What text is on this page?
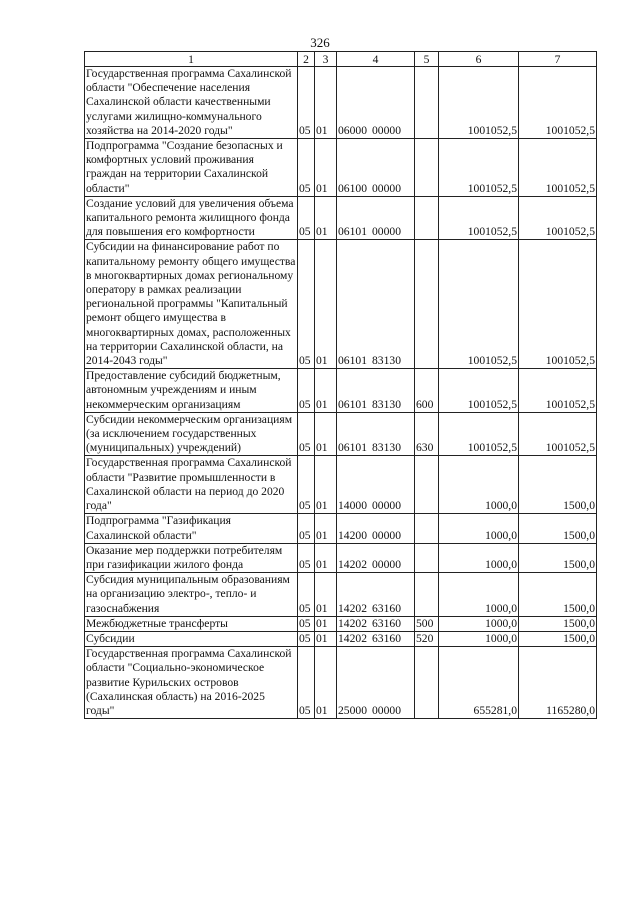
326
1	2	3	4	5	6	7
Государственная программа Сахалинской области "Обеспечение населения Сахалинской области качественными услугами жилищно-коммунального хозяйства на 2014-2020 годы"	05	01	06000 00000		1001052,5	1001052,5
Подпрограмма "Создание безопасных и комфортных условий проживания граждан на территории Сахалинской области"	05	01	06100 00000		1001052,5	1001052,5
Создание условий для увеличения объема капитального ремонта жилищного фонда для повышения его комфортности	05	01	06101 00000		1001052,5	1001052,5
Субсидии на финансирование работ по капитальному ремонту общего имущества в многоквартирных домах региональному оператору в рамках реализации региональной программы "Капитальный ремонт общего имущества в многоквартирных домах, расположенных на территории Сахалинской области, на 2014-2043 годы"	05	01	06101 83130		1001052,5	1001052,5
Предоставление субсидий бюджетным, автономным учреждениям и иным некоммерческим организациям	05	01	06101 83130	600	1001052,5	1001052,5
Субсидии некоммерческим организациям (за исключением государственных (муниципальных) учреждений)	05	01	06101 83130	630	1001052,5	1001052,5
Государственная программа Сахалинской области "Развитие промышленности в Сахалинской области на период до 2020 года"	05	01	14000 00000		1000,0	1500,0
Подпрограмма "Газификация Сахалинской области"	05	01	14200 00000		1000,0	1500,0
Оказание мер поддержки потребителям при газификации жилого фонда	05	01	14202 00000		1000,0	1500,0
Субсидия муниципальным образованиям на организацию электро-, тепло- и газоснабжения	05	01	14202 63160		1000,0	1500,0
Межбюджетные трансферты	05	01	14202 63160	500	1000,0	1500,0
Субсидии	05	01	14202 63160	520	1000,0	1500,0
Государственная программа Сахалинской области "Социально-экономическое развитие Курильских островов (Сахалинская область) на 2016-2025 годы"	05	01	25000 00000		655281,0	1165280,0
